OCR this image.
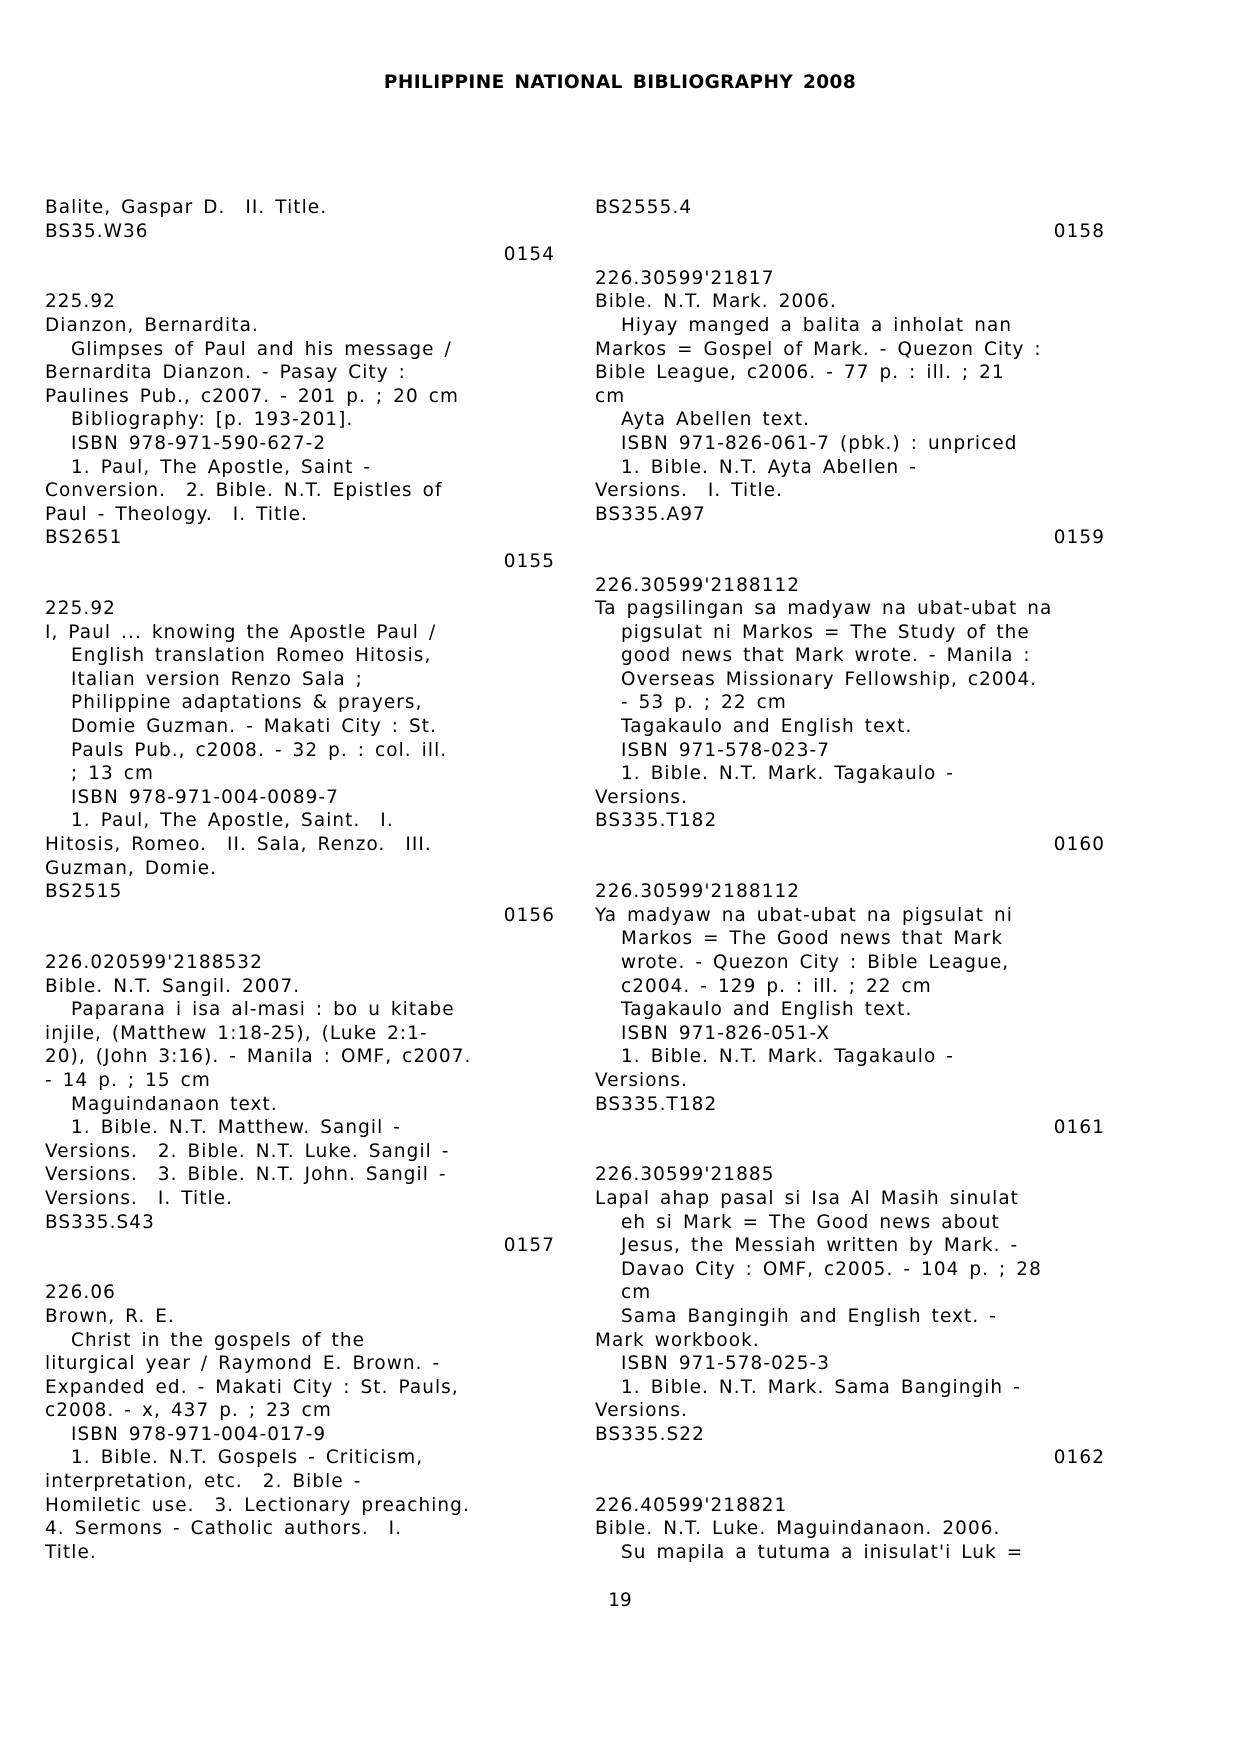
PHILIPPINE NATIONAL BIBLIOGRAPHY 2008
Balite, Gaspar D.  II. Title.
BS35.W36
0154
225.92
Dianzon, Bernardita.
Glimpses of Paul and his message /
Bernardita Dianzon. - Pasay City :
Paulines Pub., c2007. - 201 p. ; 20 cm
Bibliography: [p. 193-201].
ISBN 978-971-590-627-2
1. Paul, The Apostle, Saint -
Conversion.  2. Bible. N.T. Epistles of
Paul - Theology.  I. Title.
BS2651
0155
225.92
I, Paul ... knowing the Apostle Paul /
English translation Romeo Hitosis,
Italian version Renzo Sala ;
Philippine adaptations & prayers,
Domie Guzman. - Makati City : St.
Pauls Pub., c2008. - 32 p. : col. ill.
; 13 cm
ISBN 978-971-004-0089-7
1. Paul, The Apostle, Saint.  I.
Hitosis, Romeo.  II. Sala, Renzo.  III.
Guzman, Domie.
BS2515
0156
226.020599'2188532
Bible. N.T. Sangil. 2007.
Paparana i isa al-masi : bo u kitabe
injile, (Matthew 1:18-25), (Luke 2:1-
20), (John 3:16). - Manila : OMF, c2007.
- 14 p. ; 15 cm
Maguindanaon text.
1. Bible. N.T. Matthew. Sangil -
Versions.  2. Bible. N.T. Luke. Sangil -
Versions.  3. Bible. N.T. John. Sangil -
Versions.  I. Title.
BS335.S43
0157
226.06
Brown, R. E.
Christ in the gospels of the
liturgical year / Raymond E. Brown. -
Expanded ed. - Makati City : St. Pauls,
c2008. - x, 437 p. ; 23 cm
ISBN 978-971-004-017-9
1. Bible. N.T. Gospels - Criticism,
interpretation, etc.  2. Bible -
Homiletic use.  3. Lectionary preaching.
4. Sermons - Catholic authors.  I.
Title.
BS2555.4
0158
226.30599'21817
Bible. N.T. Mark. 2006.
Hiyay manged a balita a inholat nan
Markos = Gospel of Mark. - Quezon City :
Bible League, c2006. - 77 p. : ill. ; 21
cm
Ayta Abellen text.
ISBN 971-826-061-7 (pbk.) : unpriced
1. Bible. N.T. Ayta Abellen -
Versions.  I. Title.
BS335.A97
0159
226.30599'2188112
Ta pagsilingan sa madyaw na ubat-ubat na
pigsulat ni Markos = The Study of the
good news that Mark wrote. - Manila :
Overseas Missionary Fellowship, c2004.
- 53 p. ; 22 cm
Tagakaulo and English text.
ISBN 971-578-023-7
1. Bible. N.T. Mark. Tagakaulo -
Versions.
BS335.T182
0160
226.30599'2188112
Ya madyaw na ubat-ubat na pigsulat ni
Markos = The Good news that Mark
wrote. - Quezon City : Bible League,
c2004. - 129 p. : ill. ; 22 cm
Tagakaulo and English text.
ISBN 971-826-051-X
1. Bible. N.T. Mark. Tagakaulo -
Versions.
BS335.T182
0161
226.30599'21885
Lapal ahap pasal si Isa Al Masih sinulat
eh si Mark = The Good news about
Jesus, the Messiah written by Mark. -
Davao City : OMF, c2005. - 104 p. ; 28
cm
Sama Bangingih and English text. -
Mark workbook.
ISBN 971-578-025-3
1. Bible. N.T. Mark. Sama Bangingih -
Versions.
BS335.S22
0162
226.40599'218821
Bible. N.T. Luke. Maguindanaon. 2006.
Su mapila a tutuma a inisulat'i Luk =
19
